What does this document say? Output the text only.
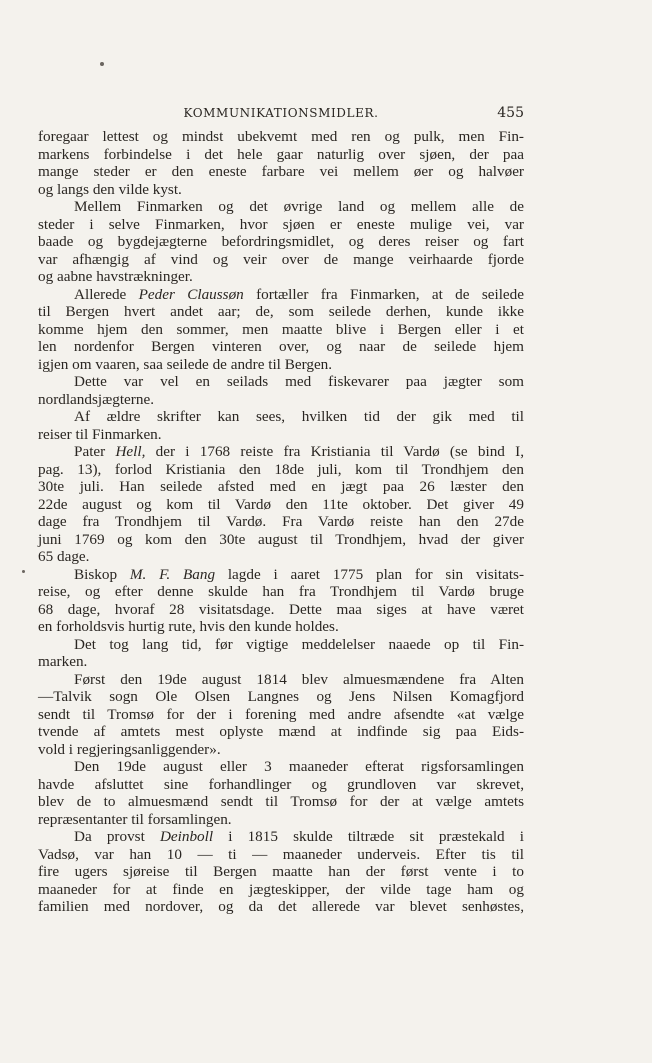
KOMMUNIKATIONSMIDLER.	455
foregaar lettest og mindst ubekvemt med ren og pulk, men Fin-
markens forbindelse i det hele gaar naturlig over sjøen, der paa
mange steder er den eneste farbare vei mellem øer og halvøer
og langs den vilde kyst.
Mellem Finmarken og det øvrige land og mellem alle de
steder i selve Finmarken, hvor sjøen er eneste mulige vei, var
baade og bygdejægterne befordringsmidlet, og deres reiser og fart
var afhængig af vind og veir over de mange veirhaarde fjorde
og aabne havstrækninger.
Allerede Peder Claussøn fortæller fra Finmarken, at de seilede
til Bergen hvert andet aar; de, som seilede derhen, kunde ikke
komme hjem den sommer, men maatte blive i Bergen eller i et
len nordenfor Bergen vinteren over, og naar de seilede hjem
igjen om vaaren, saa seilede de andre til Bergen.
Dette var vel en seilads med fiskevarer paa jægter som
nordlandsjægterne.
Af ældre skrifter kan sees, hvilken tid der gik med til
reiser til Finmarken.
Pater Hell, der i 1768 reiste fra Kristiania til Vardø (se bind I,
pag. 13), forlod Kristiania den 18de juli, kom til Trondhjem den
30te juli. Han seilede afsted med en jægt paa 26 læster den
22de august og kom til Vardø den 11te oktober. Det giver 49
dage fra Trondhjem til Vardø. Fra Vardø reiste han den 27de
juni 1769 og kom den 30te august til Trondhjem, hvad der giver
65 dage.
Biskop M. F. Bang lagde i aaret 1775 plan for sin visitats-
reise, og efter denne skulde han fra Trondhjem til Vardø bruge
68 dage, hvoraf 28 visitatsdage. Dette maa siges at have været
en forholdsvis hurtig rute, hvis den kunde holdes.
Det tog lang tid, før vigtige meddelelser naaede op til Fin-
marken.
Først den 19de august 1814 blev almuesmændene fra Alten
—Talvik sogn Ole Olsen Langnes og Jens Nilsen Komagfjord
sendt til Tromsø for der i forening med andre afsendte «at vælge
tvende af amtets mest oplyste mænd at indfinde sig paa Eids-
vold i regjeringsanliggender».
Den 19de august eller 3 maaneder efterat rigsforsamlingen
havde afsluttet sine forhandlinger og grundloven var skrevet,
blev de to almuesmænd sendt til Tromsø for der at vælge amtets
repræsentanter til forsamlingen.
Da provst Deinboll i 1815 skulde tiltræde sit præstekald i
Vadsø, var han 10 — ti — maaneder underveis. Efter tis til
fire ugers sjøreise til Bergen maatte han der først vente i to
maaneder for at finde en jægteskipper, der vilde tage ham og
familien med nordover, og da det allerede var blevet senhøstes,
